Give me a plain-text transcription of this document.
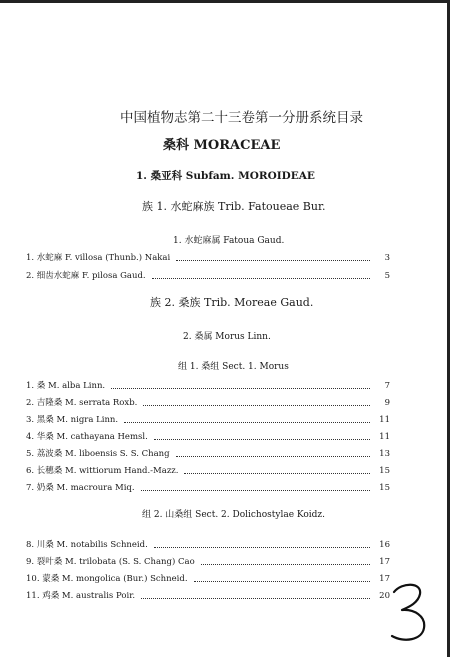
中国植物志第二十三卷第一分册系统目录
桑科 MORACEAE
1. 桑亚科 Subfam. MOROIDEAE
族 1. 水蛇麻族 Trib. Fatoueae Bur.
1. 水蛇麻属 Fatoua Gaud.
1. 水蛇麻 F. villosa (Thunb.) Nakai	3
2. 细齿水蛇麻 F. pilosa Gaud.	5
族 2. 桑族 Trib. Moreae Gaud.
2. 桑属 Morus Linn.
组 1. 桑组 Sect. 1. Morus
1. 桑 M. alba Linn.	7
2. 吉隆桑 M. serrata Roxb.	9
3. 黑桑 M. nigra Linn.	11
4. 华桑 M. cathayana Hemsl.	11
5. 荔波桑 M. liboensis S. S. Chang	13
6. 长穗桑 M. wittiorum Hand.-Mazz.	15
7. 奶桑 M. macroura Miq.	15
组 2. 山桑组 Sect. 2. Dolichostylae Koidz.
8. 川桑 M. notabilis Schneid.	16
9. 裂叶桑 M. trilobata (S. S. Chang) Cao	17
10. 蒙桑 M. mongolica (Bur.) Schneid.	17
11. 鸡桑 M. australis Poir.	20
